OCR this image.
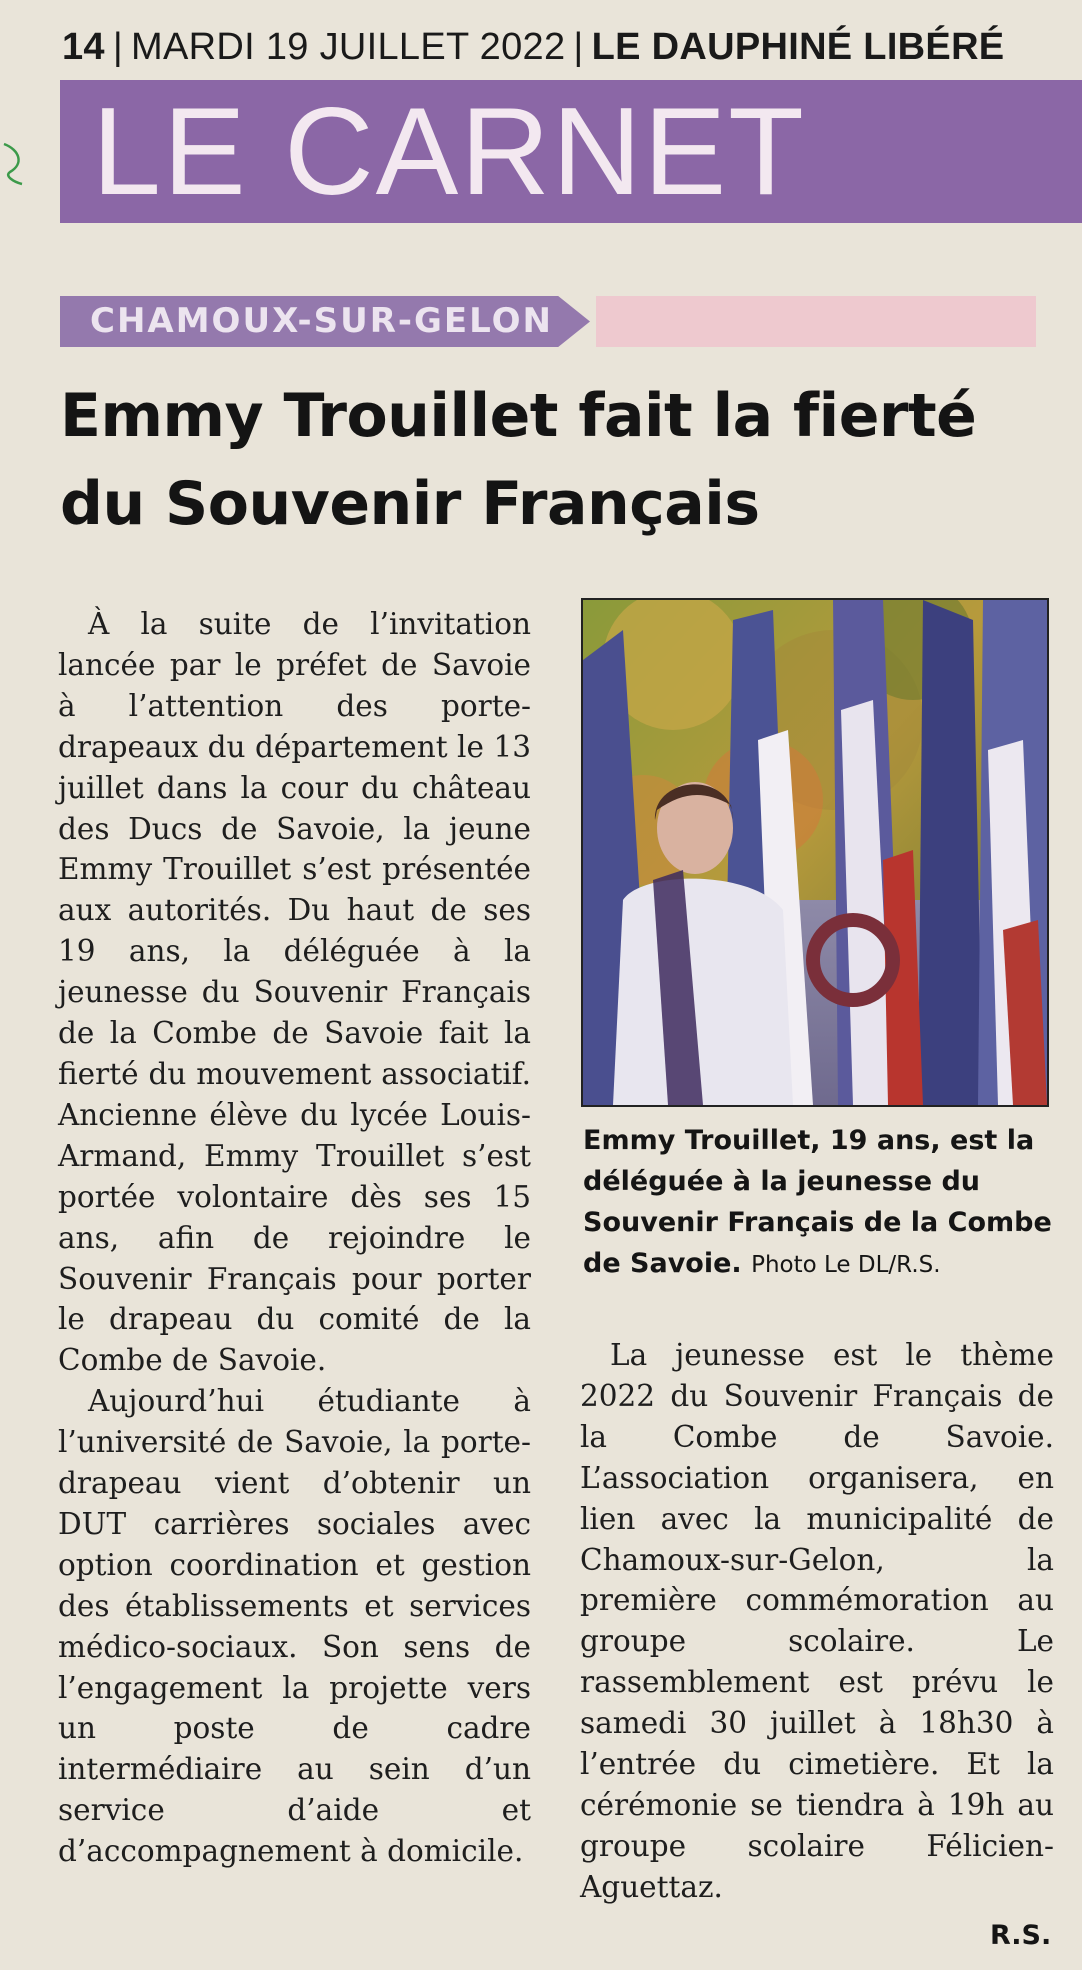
14 | MARDI 19 JUILLET 2022 | LE DAUPHINÉ LIBÉRÉ
LE CARNET
CHAMOUX-SUR-GELON
Emmy Trouillet fait la fierté
du Souvenir Français

À la suite de l’invitation lancée par le préfet de Savoie à l’attention des porte-drapeaux du département le 13 juillet dans la cour du château des Ducs de Savoie, la jeune Emmy Trouillet s’est présentée aux autorités. Du haut de ses 19 ans, la déléguée à la jeunesse du Souvenir Français de la Combe de Savoie fait la fierté du mouvement associatif. Ancienne élève du lycée Louis-Armand, Emmy Trouillet s’est portée volontaire dès ses 15 ans, afin de rejoindre le Souvenir Français pour porter le drapeau du comité de la Combe de Savoie.

Aujourd’hui étudiante à l’université de Savoie, la porte-drapeau vient d’obtenir un DUT carrières sociales avec option coordination et gestion des établissements et services médico-sociaux. Son sens de l’engagement la projette vers un poste de cadre intermédiaire au sein d’un service d’aide et d’accompagnement à domicile.

Emmy Trouillet, 19 ans, est la déléguée à la jeunesse du Souvenir Français de la Combe de Savoie. Photo Le DL/R.S.

La jeunesse est le thème 2022 du Souvenir Français de la Combe de Savoie. L’association organisera, en lien avec la municipalité de Chamoux-sur-Gelon, la première commémoration au groupe scolaire. Le rassemblement est prévu le samedi 30 juillet à 18h30 à l’entrée du cimetière. Et la cérémonie se tiendra à 19h au groupe scolaire Félicien-Aguettaz.

R.S.
